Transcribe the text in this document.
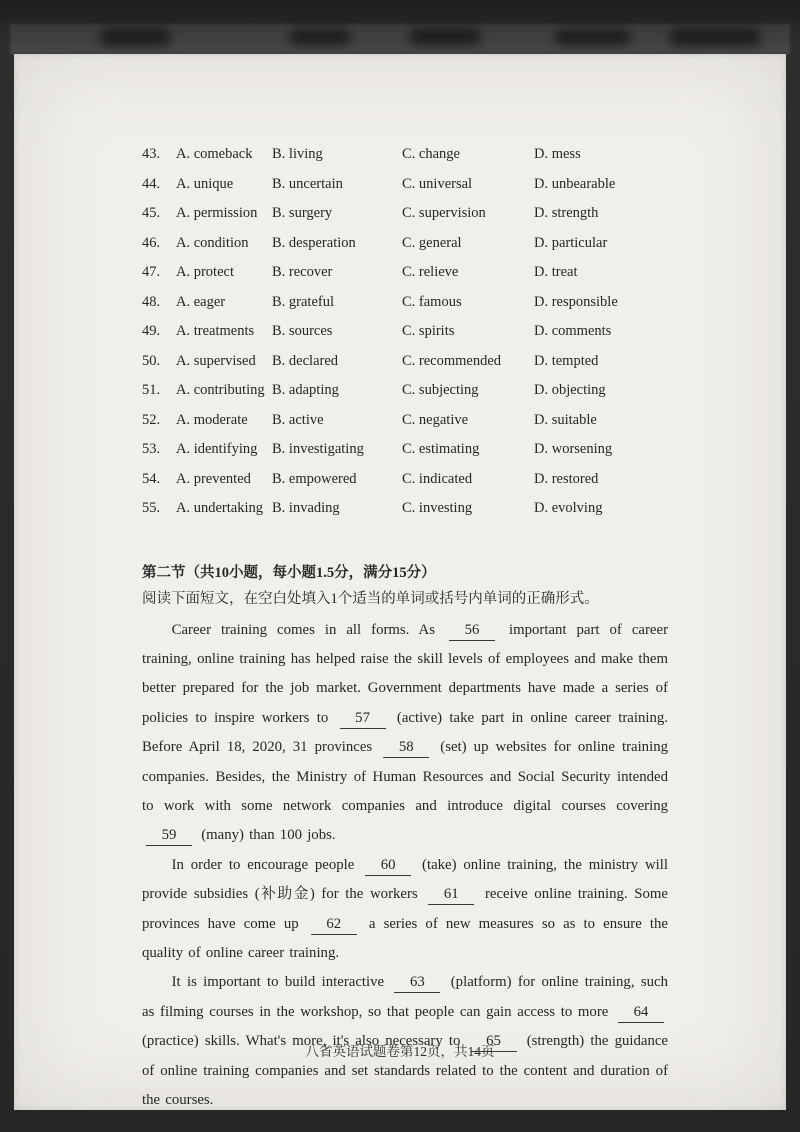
43.	A. comeback	B. living	C. change	D. mess
44.	A. unique	B. uncertain	C. universal	D. unbearable
45.	A. permission	B. surgery	C. supervision	D. strength
46.	A. condition	B. desperation	C. general	D. particular
47.	A. protect	B. recover	C. relieve	D. treat
48.	A. eager	B. grateful	C. famous	D. responsible
49.	A. treatments	B. sources	C. spirits	D. comments
50.	A. supervised	B. declared	C. recommended	D. tempted
51.	A. contributing B. adapting	C. subjecting	D. objecting
52.	A. moderate	B. active	C. negative	D. suitable
53.	A. identifying	B. investigating	C. estimating	D. worsening
54.	A. prevented	B. empowered	C. indicated	D. restored
55.	A. undertaking B. invading	C. investing	D. evolving

第二节（共10小题，每小题1.5分，满分15分）

阅读下面短文，在空白处填入1个适当的单词或括号内单词的正确形式。

Career training comes in all forms. As 56 important part of career training, online training has helped raise the skill levels of employees and make them better prepared for the job market. Government departments have made a series of policies to inspire workers to 57 (active) take part in online career training. Before April 18, 2020, 31 provinces 58 (set) up websites for online training companies. Besides, the Ministry of Human Resources and Social Security intended to work with some network companies and introduce digital courses covering 59 (many) than 100 jobs.

In order to encourage people 60 (take) online training, the ministry will provide subsidies (补助金) for the workers 61 receive online training. Some provinces have come up 62 a series of new measures so as to ensure the quality of online career training.

It is important to build interactive 63 (platform) for online training, such as filming courses in the workshop, so that people can gain access to more 64 (practice) skills. What's more, it's also necessary to 65 (strength) the guidance of online training companies and set standards related to the content and duration of the courses.

八省英语试题卷第12页，共14页
